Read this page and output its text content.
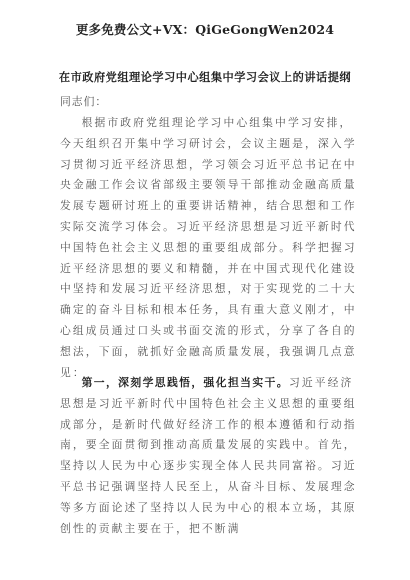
更多免费公文+VX：QiGeGongWen2024
在市政府党组理论学习中心组集中学习会议上的讲话提纲
同志们：
根据市政府党组理论学习中心组集中学习安排，今天组织召开集中学习研讨会，会议主题是，深入学习贯彻习近平经济思想，学习领会习近平总书记在中央金融工作会议省部级主要领导干部推动金融高质量发展专题研讨班上的重要讲话精神，结合思想和工作实际交流学习体会。习近平经济思想是习近平新时代中国特色社会主义思想的重要组成部分。科学把握习近平经济思想的要义和精髓，并在中国式现代化建设中坚持和发展习近平经济思想，对于实现党的二十大确定的奋斗目标和根本任务，具有重大意义刚才，中心组成员通过口头或书面交流的形式，分享了各自的想法，下面，就抓好金融高质量发展，我强调几点意见：
第一，深刻学思践悟，强化担当实干。习近平经济思想是习近平新时代中国特色社会主义思想的重要组成部分，是新时代做好经济工作的根本遵循和行动指南，要全面贯彻到推动高质量发展的实践中。首先，坚持以人民为中心逐步实现全体人民共同富裕。习近平总书记强调坚持人民至上，从奋斗目标、发展理念等多方面论述了坚持以人民为中心的根本立场，其原创性的贡献主要在于，把不断满
